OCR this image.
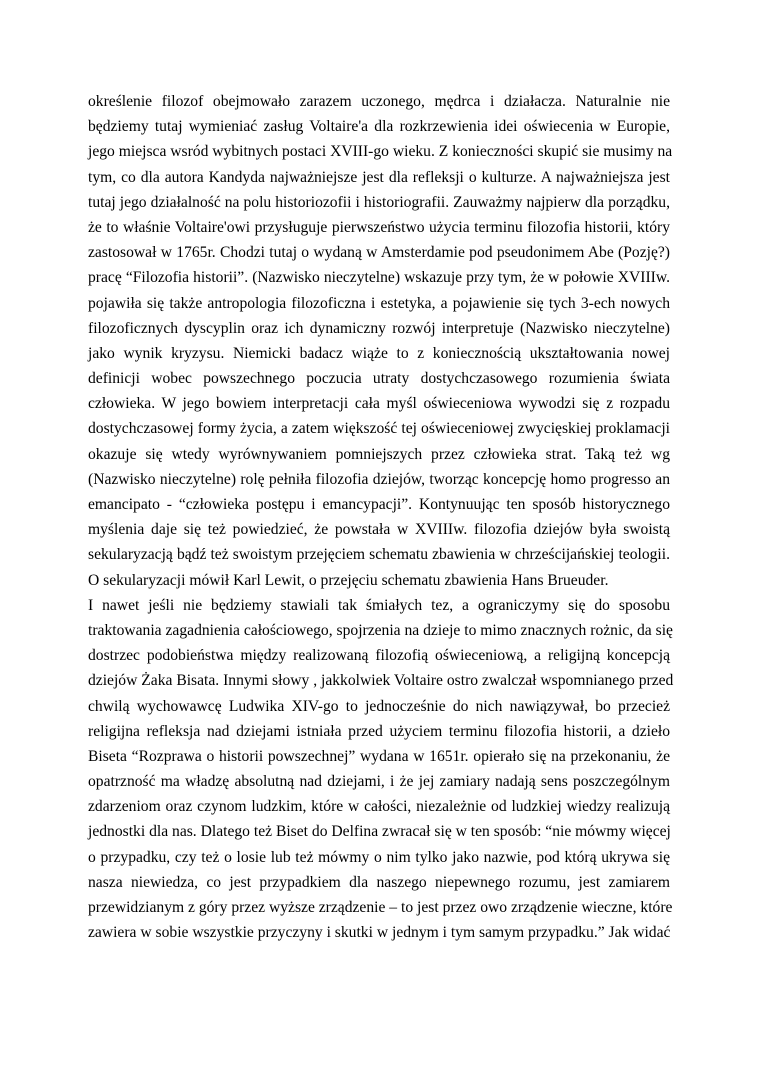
określenie filozof obejmowało zarazem uczonego, mędrca i działacza. Naturalnie nie
będziemy tutaj wymieniać zasług Voltaire'a dla rozkrzewienia idei oświecenia w Europie,
jego miejsca wsród wybitnych postaci XVIII-go wieku. Z konieczności skupić sie musimy na
tym, co dla autora Kandyda najważniejsze jest dla refleksji o kulturze. A najważniejsza jest
tutaj jego działalność na polu historiozofii i historiografii. Zauważmy najpierw dla porządku,
że to właśnie Voltaire'owi przysługuje pierwszeństwo użycia terminu filozofia historii, który
zastosował w 1765r. Chodzi tutaj o wydaną w Amsterdamie pod pseudonimem Abe (Pozję?)
pracę “Filozofia historii”. (Nazwisko nieczytelne) wskazuje przy tym, że w połowie XVIIIw.
pojawiła się także antropologia filozoficzna i estetyka, a pojawienie się tych 3-ech nowych
filozoficznych dyscyplin oraz ich dynamiczny rozwój interpretuje (Nazwisko nieczytelne)
jako wynik kryzysu. Niemicki badacz wiąże to z koniecznością ukształtowania nowej
definicji wobec powszechnego poczucia utraty dostychczasowego rozumienia świata
człowieka. W jego bowiem interpretacji cała myśl oświeceniowa wywodzi się z rozpadu
dostychczasowej formy życia, a zatem większość tej oświeceniowej zwycięskiej proklamacji
okazuje się wtedy wyrównywaniem pomniejszych przez człowieka strat. Taką też wg
(Nazwisko nieczytelne) rolę pełniła filozofia dziejów, tworząc koncepcję homo progresso an
emancipato - “człowieka postępu i emancypacji”. Kontynuując ten sposób historycznego
myślenia daje się też powiedzieć, że powstała w XVIIIw. filozofia dziejów była swoistą
sekularyzacją bądź też swoistym przejęciem schematu zbawienia w chrześcijańskiej teologii.
O sekularyzacji mówił Karl Lewit, o przejęciu schematu zbawienia Hans Brueuder.
I nawet jeśli nie będziemy stawiali tak śmiałych tez, a ograniczymy się do sposobu
traktowania zagadnienia całościowego, spojrzenia na dzieje to mimo znacznych rożnic, da się
dostrzec podobieństwa między realizowaną filozofią oświeceniową, a religijną koncepcją
dziejów Żaka Bisata. Innymi słowy , jakkolwiek Voltaire ostro zwalczał wspomnianego przed
chwilą wychowawcę Ludwika XIV-go to jednocześnie do nich nawiązywał, bo przecież
religijna refleksja nad dziejami istniała przed użyciem terminu filozofia historii, a dzieło
Biseta “Rozprawa o historii powszechnej” wydana w 1651r. opierało się na przekonaniu, że
opatrzność ma władzę absolutną nad dziejami, i że jej zamiary nadają sens poszczególnym
zdarzeniom oraz czynom ludzkim, które w całości, niezależnie od ludzkiej wiedzy realizują
jednostki dla nas. Dlatego też Biset do Delfina zwracał się w ten sposób: “nie mówmy więcej
o przypadku, czy też o losie lub też mówmy o nim tylko jako nazwie, pod którą ukrywa się
nasza niewiedza, co jest przypadkiem dla naszego niepewnego rozumu, jest zamiarem
przewidzianym z góry przez wyższe zrządzenie – to jest przez owo zrządzenie wieczne, które
zawiera w sobie wszystkie przyczyny i skutki w jednym i tym samym przypadku.” Jak widać
